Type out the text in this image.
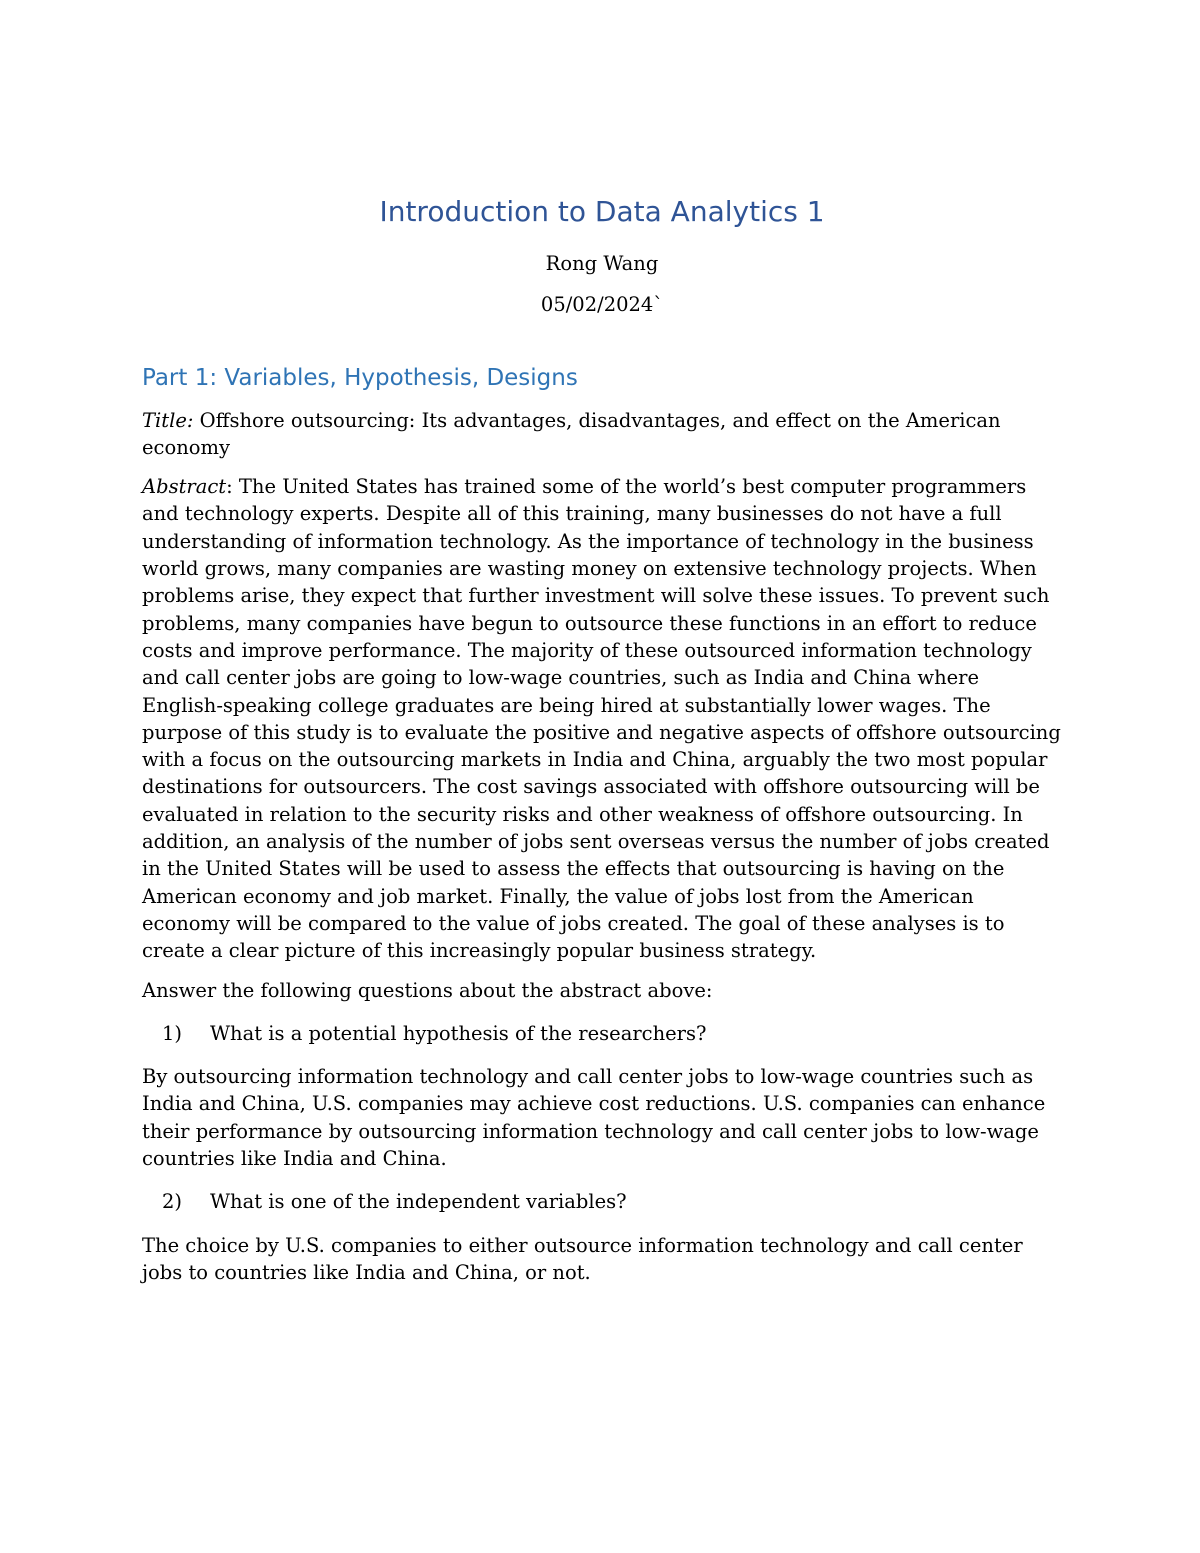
Introduction to Data Analytics 1

Rong Wang

05/02/2024`

Part 1: Variables, Hypothesis, Designs

Title: Offshore outsourcing: Its advantages, disadvantages, and effect on the American economy

Abstract: The United States has trained some of the world’s best computer programmers and technology experts. Despite all of this training, many businesses do not have a full understanding of information technology. As the importance of technology in the business world grows, many companies are wasting money on extensive technology projects. When problems arise, they expect that further investment will solve these issues. To prevent such problems, many companies have begun to outsource these functions in an effort to reduce costs and improve performance. The majority of these outsourced information technology and call center jobs are going to low-wage countries, such as India and China where English-speaking college graduates are being hired at substantially lower wages. The purpose of this study is to evaluate the positive and negative aspects of offshore outsourcing with a focus on the outsourcing markets in India and China, arguably the two most popular destinations for outsourcers. The cost savings associated with offshore outsourcing will be evaluated in relation to the security risks and other weakness of offshore outsourcing. In addition, an analysis of the number of jobs sent overseas versus the number of jobs created in the United States will be used to assess the effects that outsourcing is having on the American economy and job market. Finally, the value of jobs lost from the American economy will be compared to the value of jobs created. The goal of these analyses is to create a clear picture of this increasingly popular business strategy.

Answer the following questions about the abstract above:

1)	What is a potential hypothesis of the researchers?

By outsourcing information technology and call center jobs to low-wage countries such as India and China, U.S. companies may achieve cost reductions. U.S. companies can enhance their performance by outsourcing information technology and call center jobs to low-wage countries like India and China.

2)	What is one of the independent variables?

The choice by U.S. companies to either outsource information technology and call center jobs to countries like India and China, or not.
